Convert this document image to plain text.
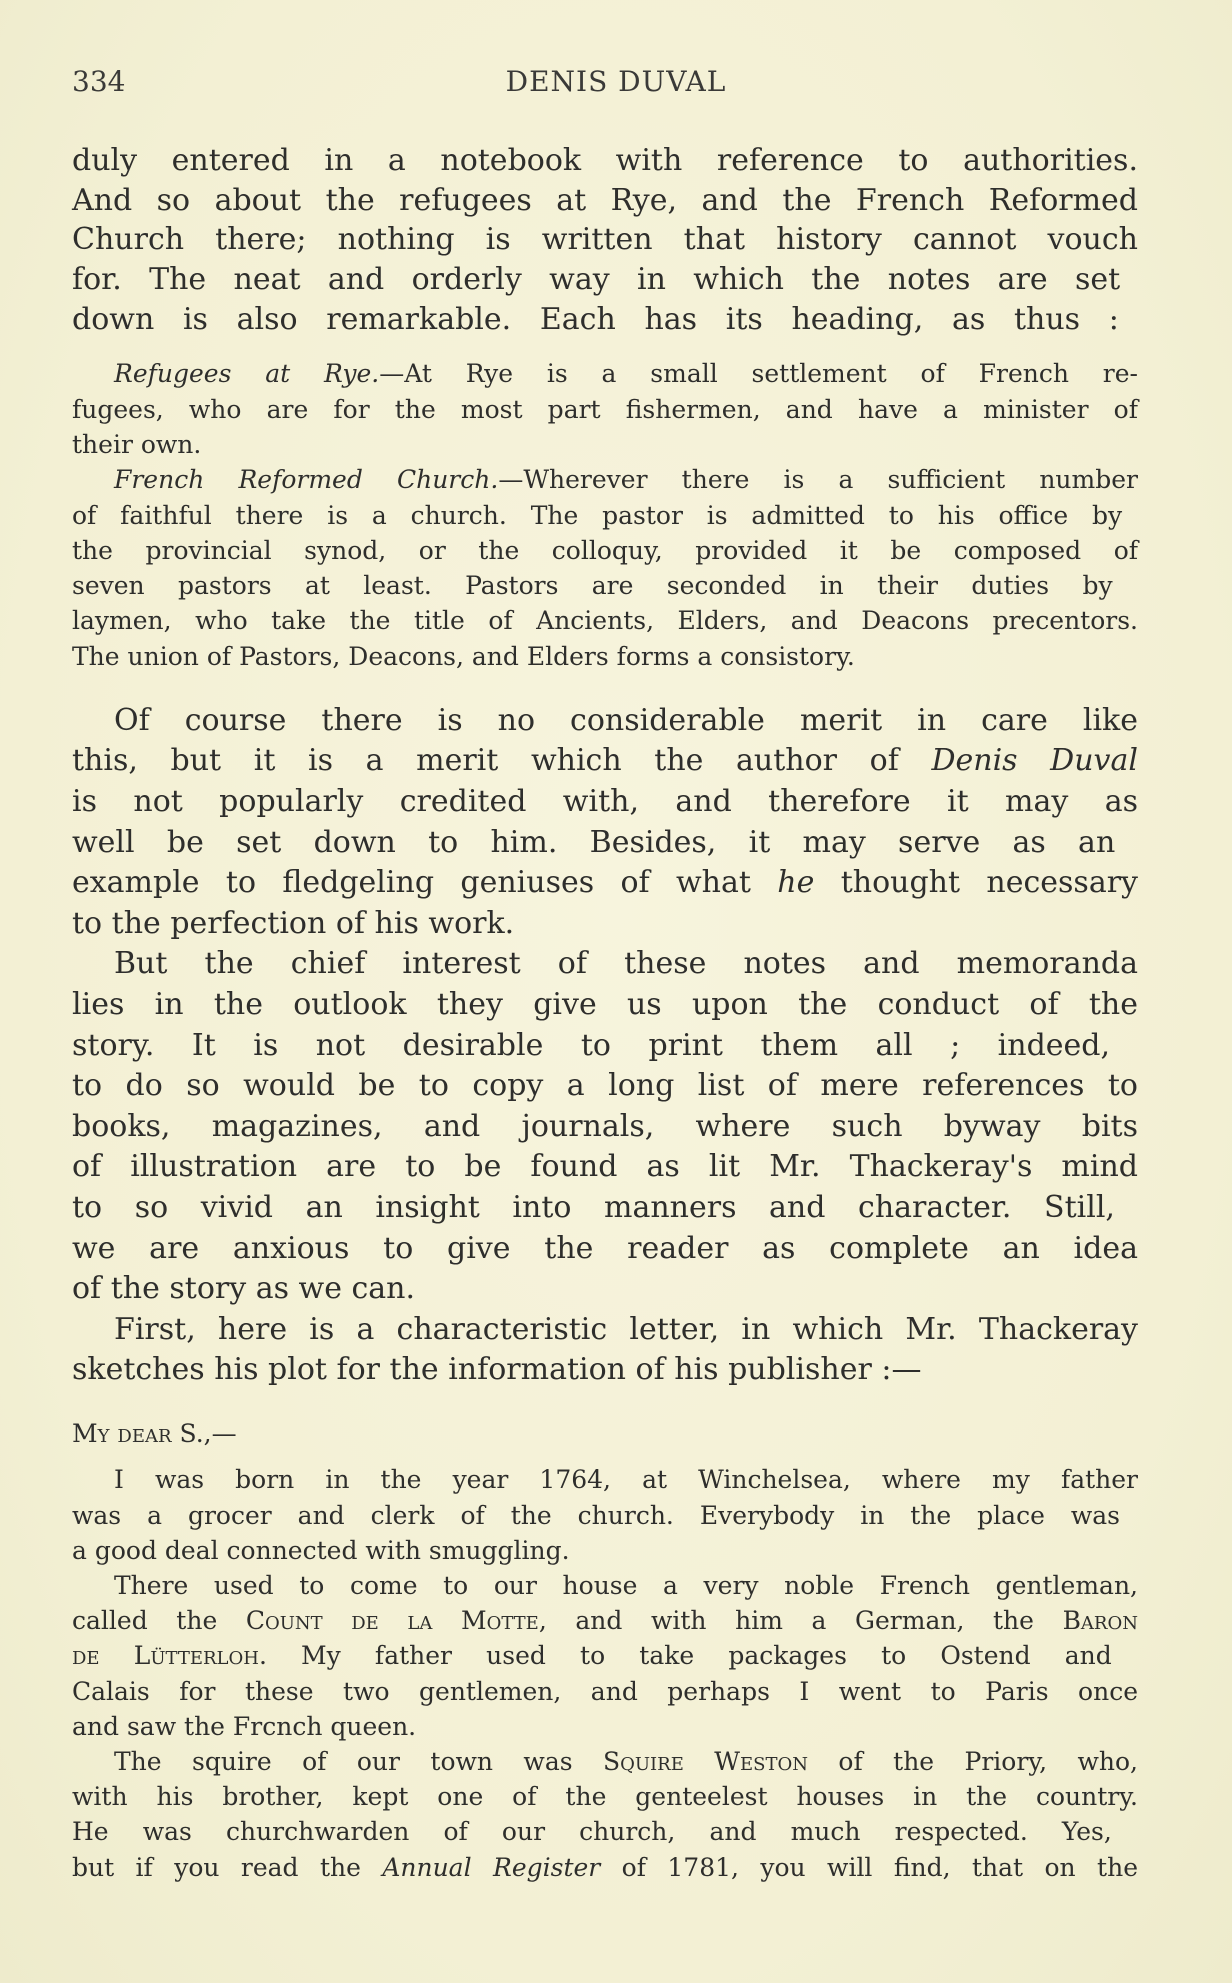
334	DENIS DUVAL
duly entered in a notebook with reference to authorities.
And so about the refugees at Rye, and the French Reformed
Church there; nothing is written that history cannot vouch
for. The neat and orderly way in which the notes are set
down is also remarkable. Each has its heading, as thus :
Refugees at Rye.—At Rye is a small settlement of French re-
fugees, who are for the most part fishermen, and have a minister of
their own.
French Reformed Church.—Wherever there is a sufficient number
of faithful there is a church. The pastor is admitted to his office by
the provincial synod, or the colloquy, provided it be composed of
seven pastors at least. Pastors are seconded in their duties by
laymen, who take the title of Ancients, Elders, and Deacons precentors.
The union of Pastors, Deacons, and Elders forms a consistory.
Of course there is no considerable merit in care like
this, but it is a merit which the author of Denis Duval
is not popularly credited with, and therefore it may as
well be set down to him. Besides, it may serve as an
example to fledgeling geniuses of what he thought necessary
to the perfection of his work.
But the chief interest of these notes and memoranda
lies in the outlook they give us upon the conduct of the
story. It is not desirable to print them all ; indeed,
to do so would be to copy a long list of mere references to
books, magazines, and journals, where such byway bits
of illustration are to be found as lit Mr. Thackeray's mind
to so vivid an insight into manners and character. Still,
we are anxious to give the reader as complete an idea
of the story as we can.
First, here is a characteristic letter, in which Mr. Thackeray
sketches his plot for the information of his publisher :—
My dear S.,—
I was born in the year 1764, at Winchelsea, where my father
was a grocer and clerk of the church. Everybody in the place was
a good deal connected with smuggling.
There used to come to our house a very noble French gentleman,
called the Count de la Motte, and with him a German, the Baron
de Lütterloh. My father used to take packages to Ostend and
Calais for these two gentlemen, and perhaps I went to Paris once
and saw the Frcnch queen.
The squire of our town was Squire Weston of the Priory, who,
with his brother, kept one of the genteelest houses in the country.
He was churchwarden of our church, and much respected. Yes,
but if you read the Annual Register of 1781, you will find, that on the
